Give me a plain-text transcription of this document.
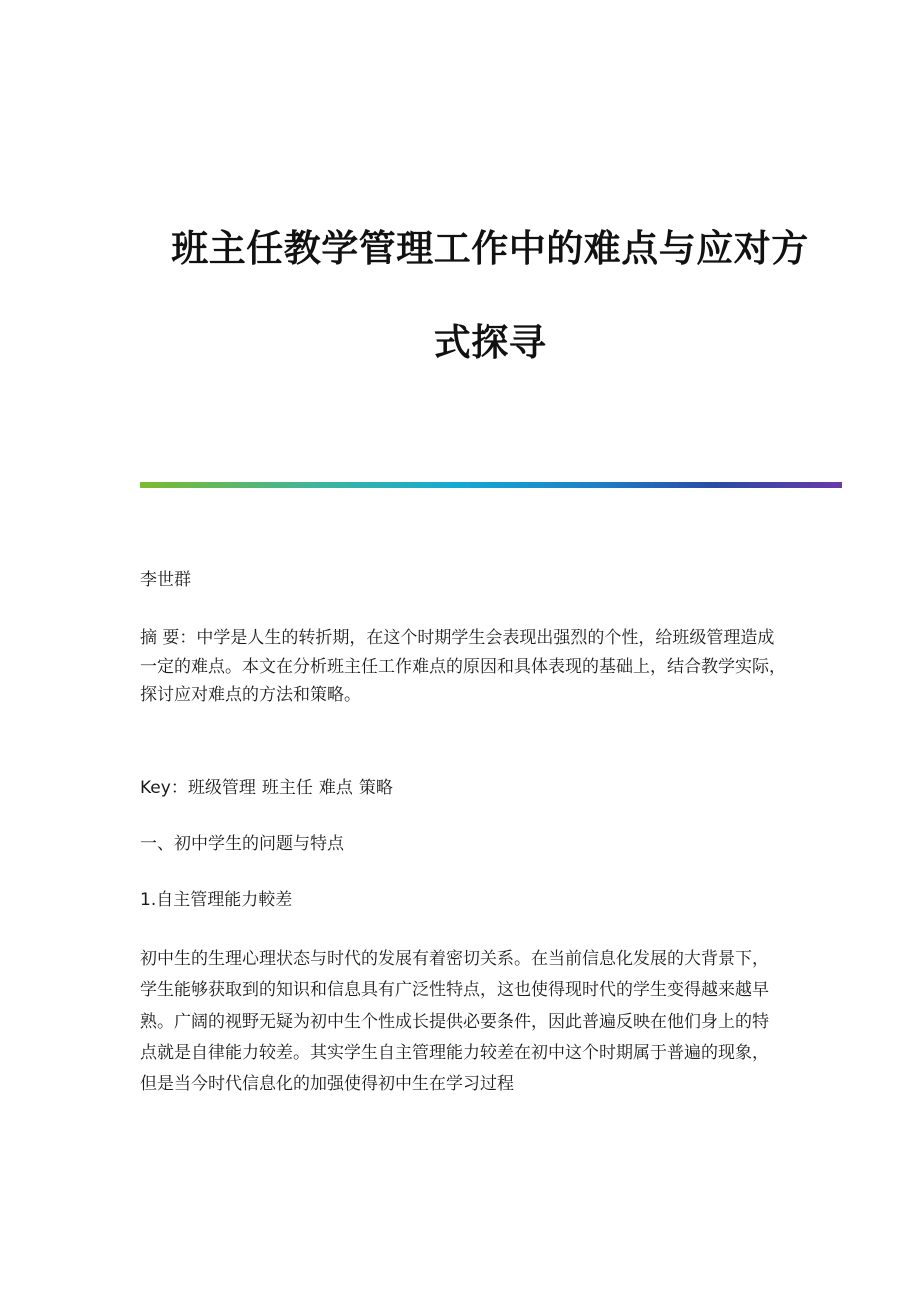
班主任教学管理工作中的难点与应对方
式探寻

李世群

摘 要：中学是人生的转折期，在这个时期学生会表现出强烈的个性，给班级管理造成一定的难点。本文在分析班主任工作难点的原因和具体表现的基础上，结合教学实际，探讨应对难点的方法和策略。

Key：班级管理 班主任 难点 策略

一、初中学生的问题与特点

1.自主管理能力較差

初中生的生理心理状态与时代的发展有着密切关系。在当前信息化发展的大背景下，学生能够获取到的知识和信息具有广泛性特点，这也使得现时代的学生变得越来越早熟。广阔的视野无疑为初中生个性成长提供必要条件，因此普遍反映在他们身上的特点就是自律能力较差。其实学生自主管理能力较差在初中这个时期属于普遍的现象，但是当今时代信息化的加强使得初中生在学习过程
